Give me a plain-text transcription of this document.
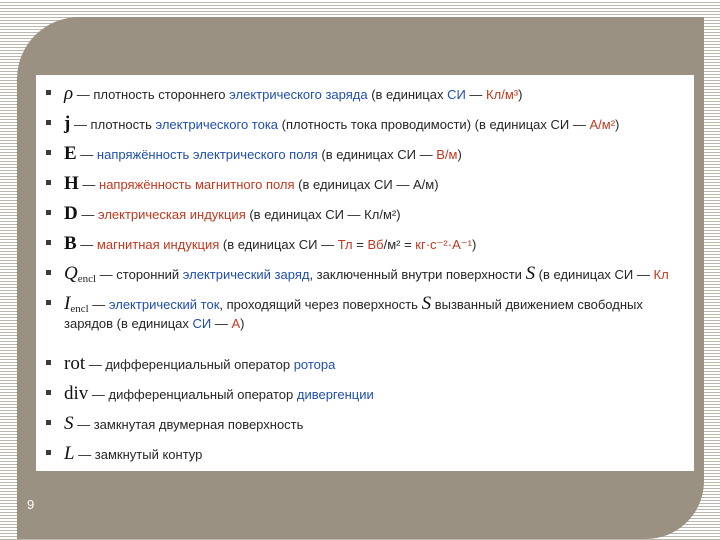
ρ — плотность стороннего электрического заряда (в единицах СИ — Кл/м³)
j — плотность электрического тока (плотность тока проводимости) (в единицах СИ — А/м²)
E — напряжённость электрического поля (в единицах СИ — В/м)
H — напряжённость магнитного поля (в единицах СИ — А/м)
D — электрическая индукция (в единицах СИ — Кл/м²)
B — магнитная индукция (в единицах СИ — Тл = Вб/м² = кг·с⁻²·А⁻¹)
$Q_{encl}$ — сторонний электрический заряд, заключенный внутри поверхности S (в единицах СИ — Кл
$I_{encl}$ — электрический ток, проходящий через поверхность S вызванный движением свободных
зарядов (в единицах СИ — А)
rot — дифференциальный оператор ротора
div — дифференциальный оператор дивергенции
S — замкнутая двумерная поверхность
L — замкнутый контур
9
